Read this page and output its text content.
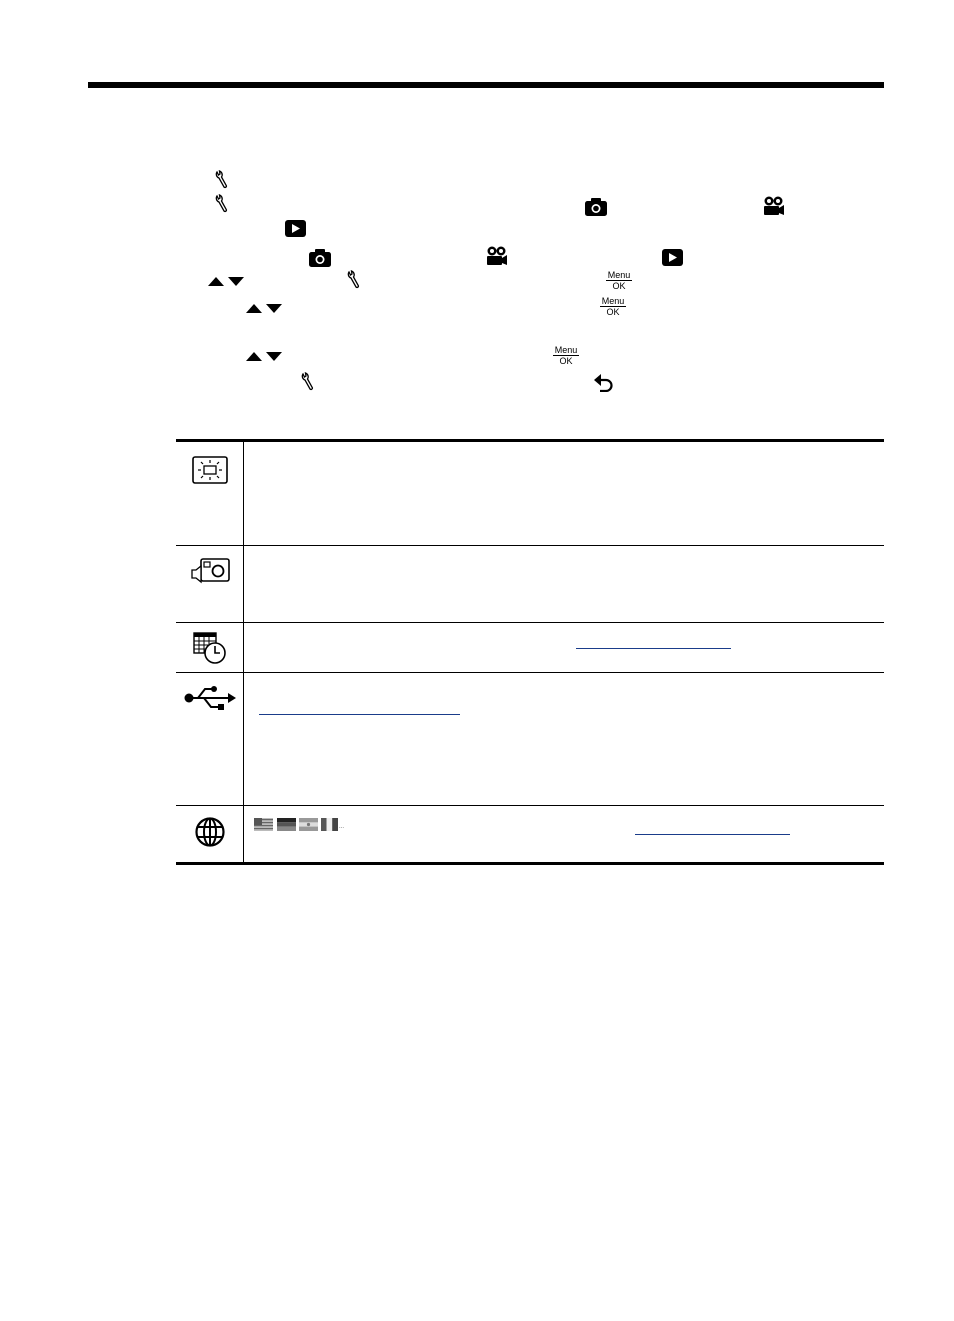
Menu
OK
Menu
OK
Menu
OK

...
